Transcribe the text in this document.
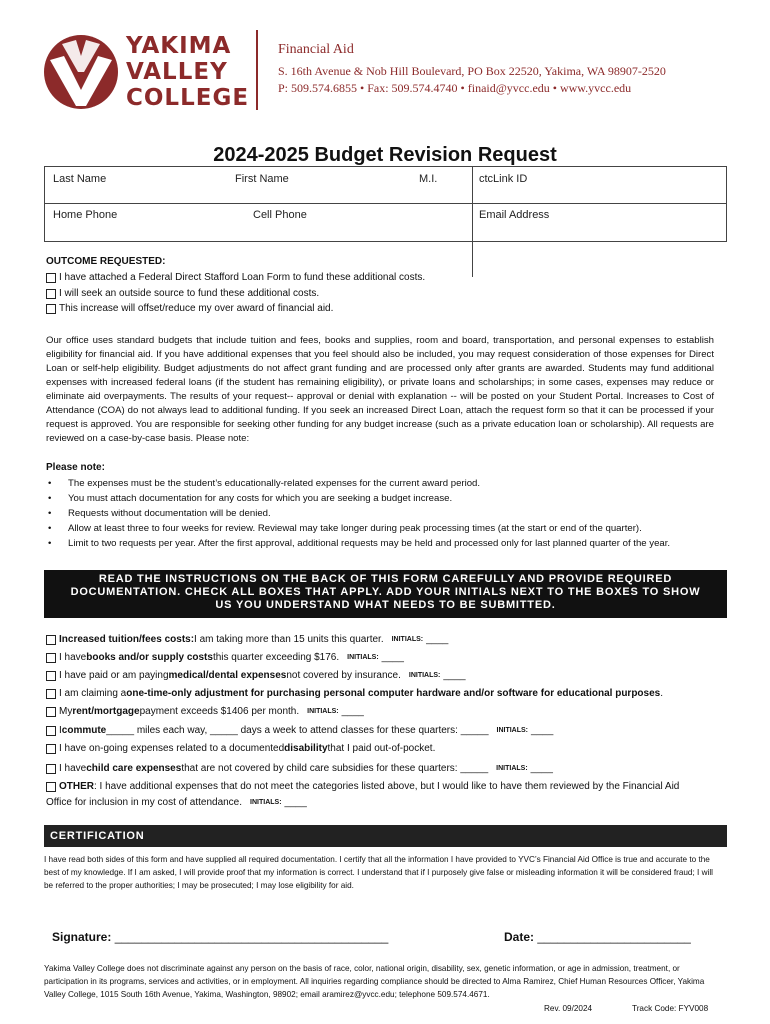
YAKIMA
VALLEY
COLLEGE
Financial Aid
S. 16th Avenue & Nob Hill Boulevard, PO Box 22520, Yakima, WA 98907-2520
P: 509.574.6855 • Fax: 509.574.4740 • finaid@yvcc.edu • www.yvcc.edu
2024-2025 Budget Revision Request
Last Name	First Name	M.I.	ctcLink ID
Home Phone	Cell Phone	Email Address
OUTCOME REQUESTED:
I have attached a Federal Direct Stafford Loan Form to fund these additional costs.
I will seek an outside source to fund these additional costs.
This increase will offset/reduce my over award of financial aid.
Our office uses standard budgets that include tuition and fees, books and supplies, room and board, transportation, and personal expenses to establish eligibility for financial aid. If you have additional expenses that you feel should also be included, you may request consideration of those expenses for Direct Loan or self-help eligibility. Budget adjustments do not affect grant funding and are processed only after grants are awarded. Students may fund additional expenses with increased federal loans (if the student has remaining eligibility), or private loans and scholarships; in some cases, expenses may reduce or eliminate aid overpayments. The results of your request-- approval or denial with explanation -- will be posted on your Student Portal. Increases to Cost of Attendance (COA) do not always lead to additional funding. If you seek an increased Direct Loan, attach the request form so that it can be processed if your request is approved. You are responsible for seeking other funding for any budget increase (such as a private education loan or scholarship). All requests are reviewed on a case-by-case basis. Please note:
Please note:
• The expenses must be the student’s educationally-related expenses for the current award period.
• You must attach documentation for any costs for which you are seeking a budget increase.
• Requests without documentation will be denied.
• Allow at least three to four weeks for review. Reviewal may take longer during peak processing times (at the start or end of the quarter).
• Limit to two requests per year. After the first approval, additional requests may be held and processed only for last planned quarter of the year.
READ THE INSTRUCTIONS ON THE BACK OF THIS FORM CAREFULLY AND PROVIDE REQUIRED
DOCUMENTATION. CHECK ALL BOXES THAT APPLY. ADD YOUR INITIALS NEXT TO THE BOXES TO SHOW
US YOU UNDERSTAND WHAT NEEDS TO BE SUBMITTED.
Increased tuition/fees costs: I am taking more than 15 units this quarter. INITIALS: ____
I have books and/or supply costs this quarter exceeding $176. INITIALS: ____
I have paid or am paying medical/dental expenses not covered by insurance. INITIALS: ____
I am claiming a one-time-only adjustment for purchasing personal computer hardware and/or software for educational purposes .
My rent/mortgage payment exceeds $1406 per month. INITIALS: ____
I commute _____ miles each way, _____ days a week to attend classes for these quarters: _____ INITIALS: ____
I have on-going expenses related to a documented disability that I paid out-of-pocket.
I have child care expenses that are not covered by child care subsidies for these quarters: _____ INITIALS: ____
OTHER : I have additional expenses that do not meet the categories listed above, but I would like to have them reviewed by the Financial Aid
Office for inclusion in my cost of attendance. INITIALS: ____
CERTIFICATION
I have read both sides of this form and have supplied all required documentation. I certify that all the information I have provided to YVC’s Financial Aid Office is true and accurate to the best of my knowledge. If I am asked, I will provide proof that my information is correct. I understand that if I purposely give false or misleading information it will be considered fraud; I will be referred to the proper authorities; I may be prosecuted; I may lose eligibility for aid.
Signature: _________________________________________	Date: _______________________
Yakima Valley College does not discriminate against any person on the basis of race, color, national origin, disability, sex, genetic information, or age in admission, treatment, or participation in its programs, services and activities, or in employment. All inquiries regarding compliance should be directed to Alma Ramirez, Chief Human Resources Officer, Yakima Valley College, 1015 South 16th Avenue, Yakima, Washington, 98902; email aramirez@yvcc.edu; telephone 509.574.4671.
Rev. 09/2024	Track Code: FYV008
